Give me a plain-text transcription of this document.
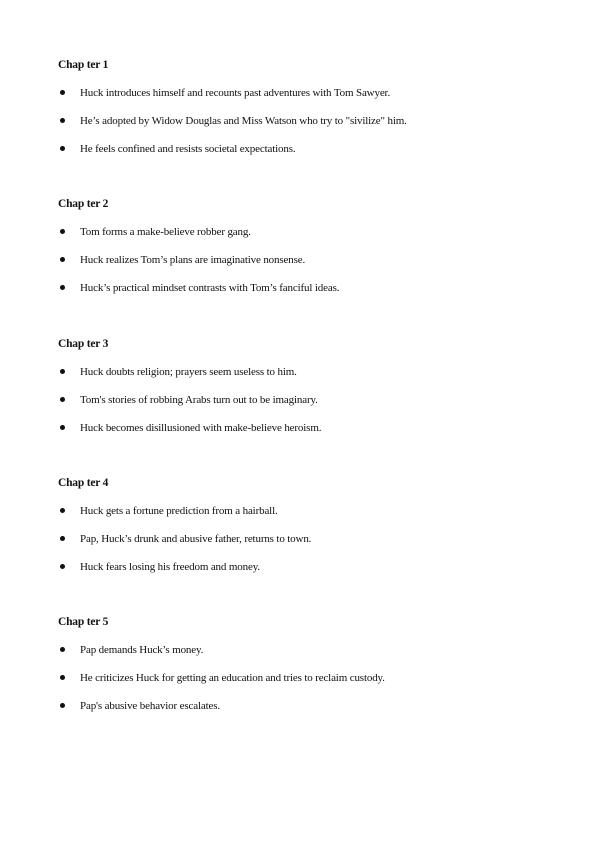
Chap ter 1
Huck introduces himself and recounts past adventures with Tom Sawyer.
He’s adopted by Widow Douglas and Miss Watson who try to "sivilize" him.
He feels confined and resists societal expectations.
Chap ter 2
Tom forms a make-believe robber gang.
Huck realizes Tom’s plans are imaginative nonsense.
Huck’s practical mindset contrasts with Tom’s fanciful ideas.
Chap ter 3
Huck doubts religion; prayers seem useless to him.
Tom's stories of robbing Arabs turn out to be imaginary.
Huck becomes disillusioned with make-believe heroism.
Chap ter 4
Huck gets a fortune prediction from a hairball.
Pap, Huck’s drunk and abusive father, returns to town.
Huck fears losing his freedom and money.
Chap ter 5
Pap demands Huck’s money.
He criticizes Huck for getting an education and tries to reclaim custody.
Pap's abusive behavior escalates.
